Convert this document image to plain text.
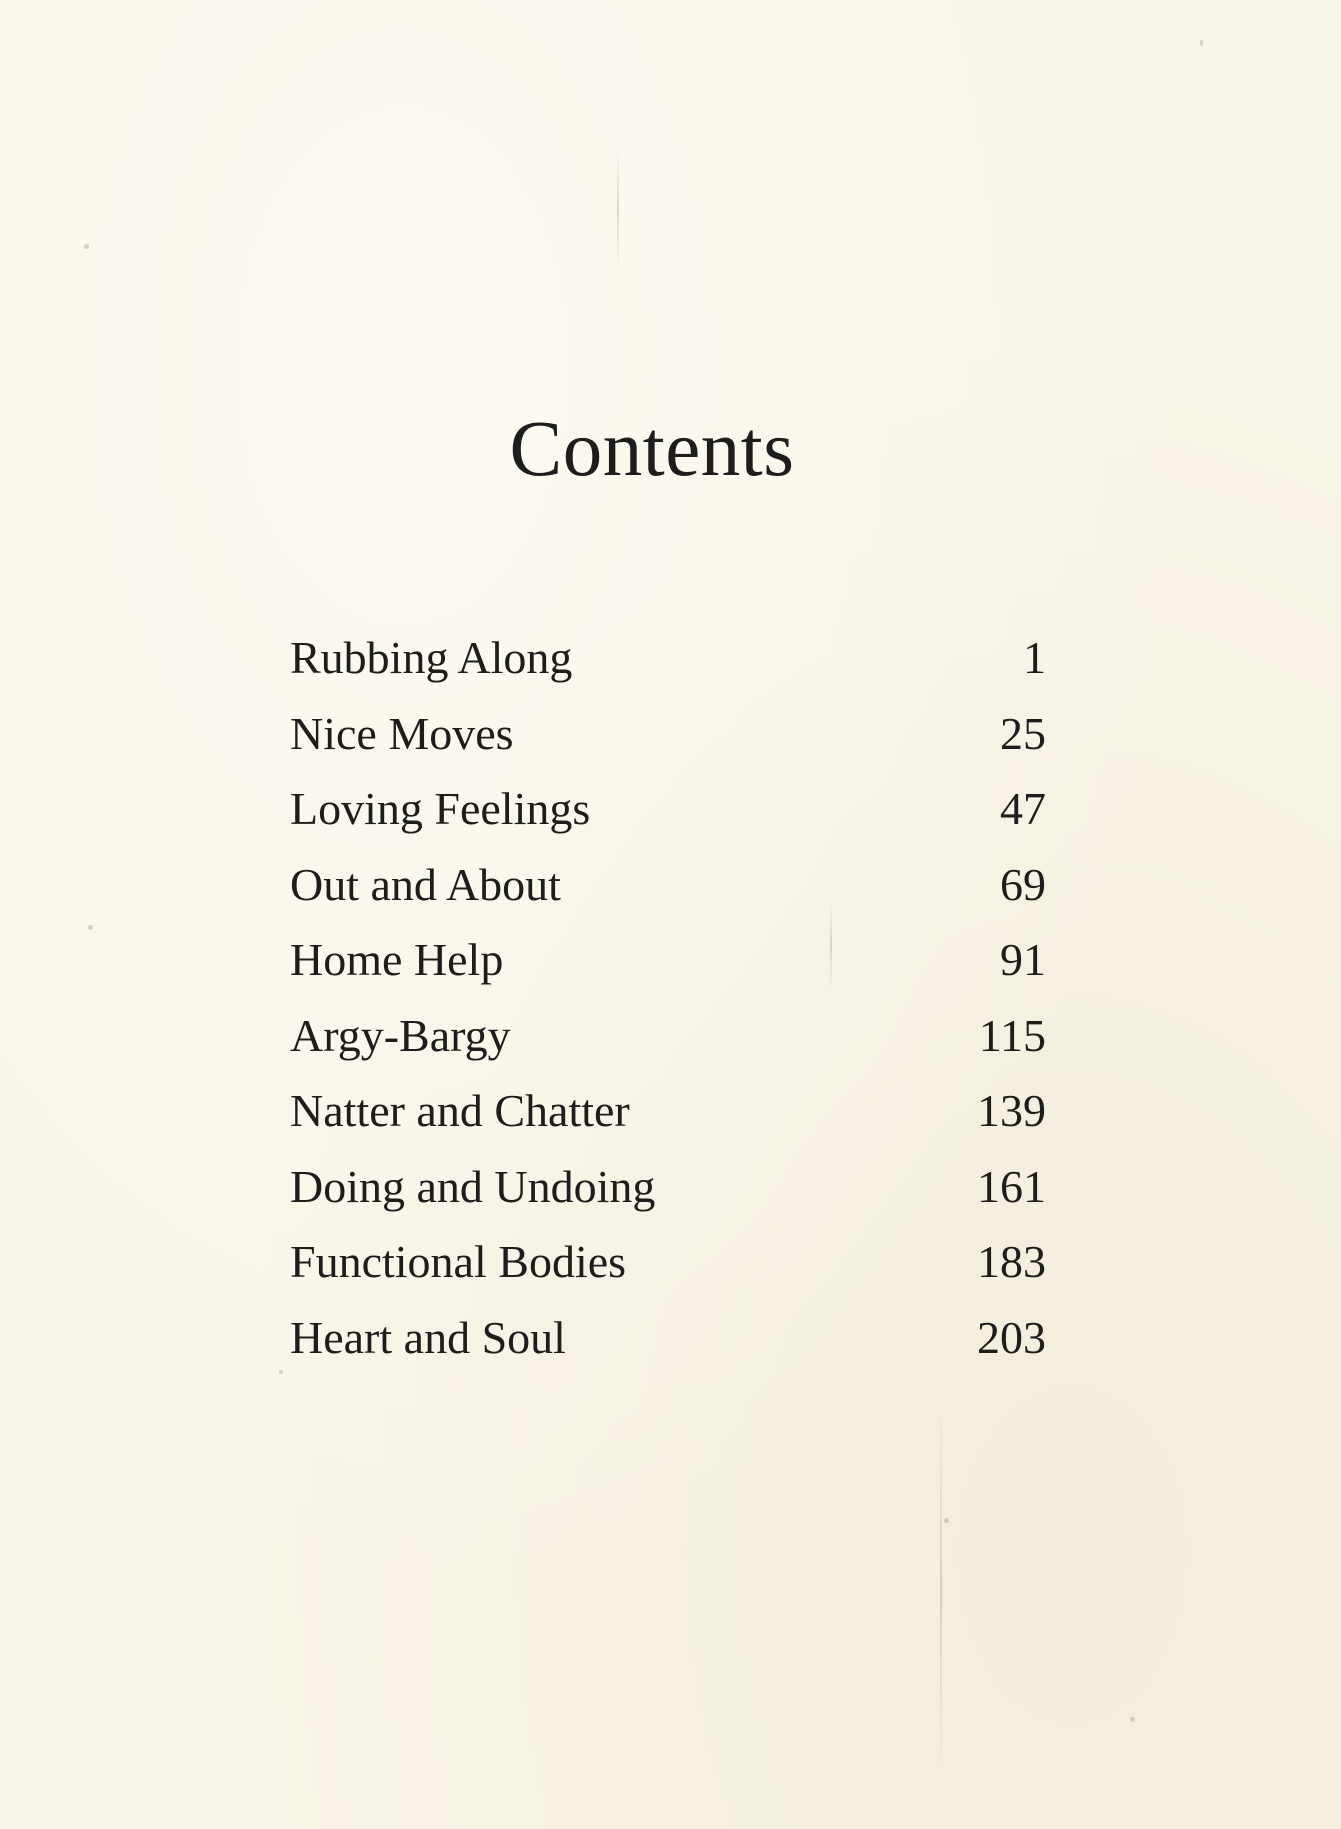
Contents
Rubbing Along	1
Nice Moves	25
Loving Feelings	47
Out and About	69
Home Help	91
Argy-Bargy	115
Natter and Chatter	139
Doing and Undoing	161
Functional Bodies	183
Heart and Soul	203
